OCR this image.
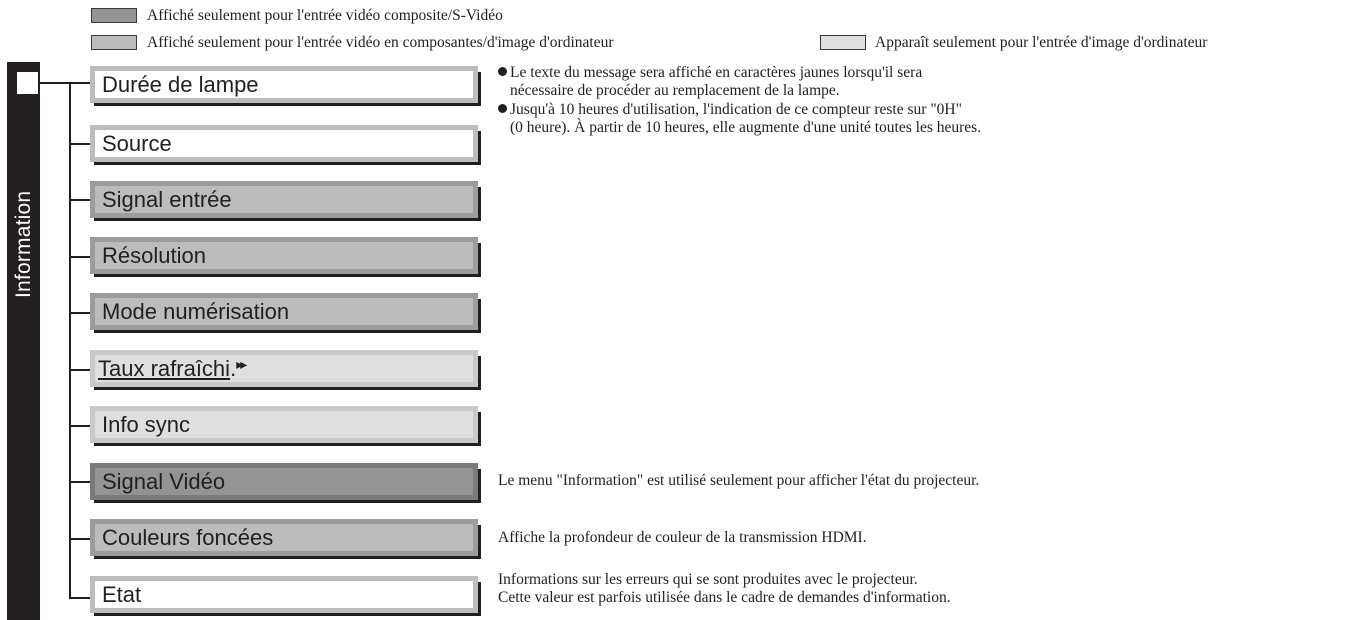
Affiché seulement pour l'entrée vidéo composite/S-Vidéo
Affiché seulement pour l'entrée vidéo en composantes/d'image d'ordinateur	Apparaît seulement pour l'entrée d'image d'ordinateur
Information
Durée de lampe
Source
Signal entrée
Résolution
Mode numérisation
Taux rafraîchi.▸▸
Info sync
Signal Vidéo
Couleurs foncées
Etat
Le texte du message sera affiché en caractères jaunes lorsqu'il sera
nécessaire de procéder au remplacement de la lampe.
Jusqu'à 10 heures d'utilisation, l'indication de ce compteur reste sur "0H"
(0 heure). À partir de 10 heures, elle augmente d'une unité toutes les heures.
Le menu "Information" est utilisé seulement pour afficher l'état du projecteur.
Affiche la profondeur de couleur de la transmission HDMI.
Informations sur les erreurs qui se sont produites avec le projecteur.
Cette valeur est parfois utilisée dans le cadre de demandes d'information.
